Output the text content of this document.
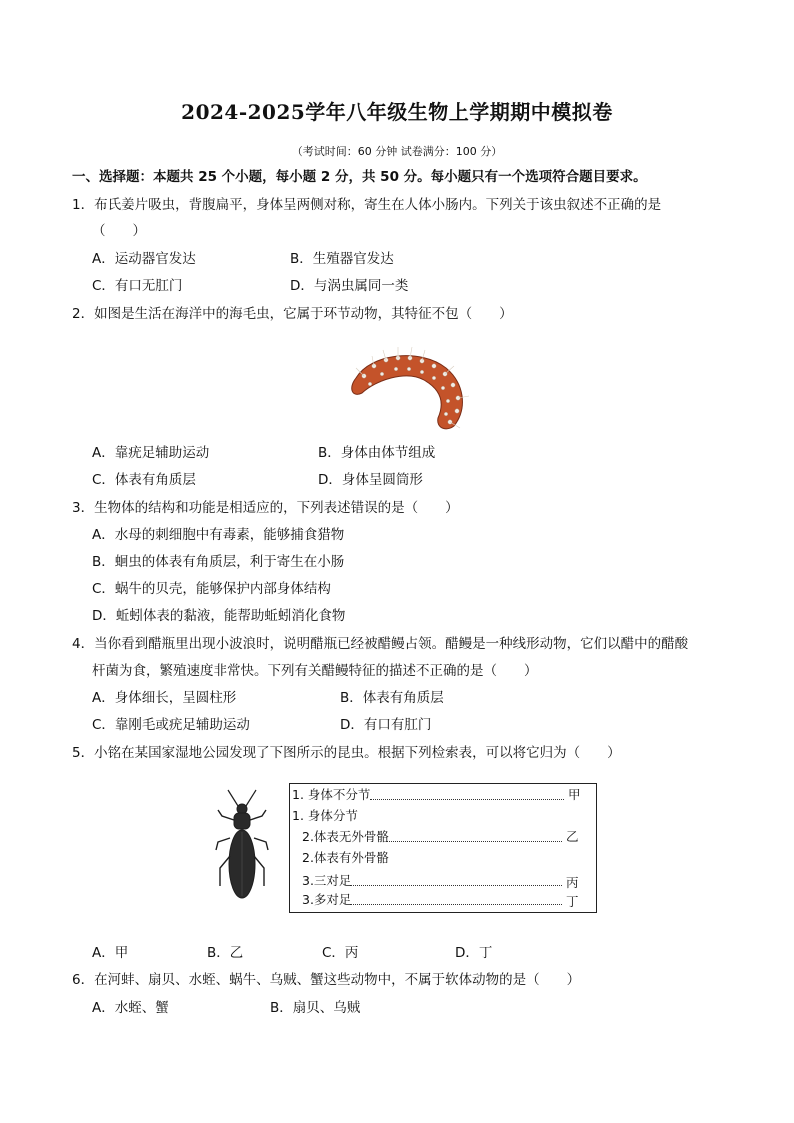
2024-2025学年八年级生物上学期期中模拟卷
（考试时间：60 分钟 试卷满分：100 分）
一、选择题：本题共 25 个小题，每小题 2 分，共 50 分。每小题只有一个选项符合题目要求。
1．布氏姜片吸虫，背腹扁平，身体呈两侧对称，寄生在人体小肠内。下列关于该虫叙述不正确的是
（　　）
A．运动器官发达	B．生殖器官发达
C．有口无肛门	D．与涡虫属同一类
2．如图是生活在海洋中的海毛虫，它属于环节动物，其特征不包（　　）
A．靠疣足辅助运动	B．身体由体节组成
C．体表有角质层	D．身体呈圆筒形
3．生物体的结构和功能是相适应的，下列表述错误的是（　　）
A．水母的刺细胞中有毒素，能够捕食猎物
B．蛔虫的体表有角质层，利于寄生在小肠
C．蜗牛的贝壳，能够保护内部身体结构
D．蚯蚓体表的黏液，能帮助蚯蚓消化食物
4．当你看到醋瓶里出现小波浪时，说明醋瓶已经被醋鳗占领。醋鳗是一种线形动物，它们以醋中的醋酸
杆菌为食，繁殖速度非常快。下列有关醋鳗特征的描述不正确的是（　　）
A．身体细长，呈圆柱形	B．体表有角质层
C．靠刚毛或疣足辅助运动	D．有口有肛门
5．小铭在某国家湿地公园发现了下图所示的昆虫。根据下列检索表，可以将它归为（　　）
1. 身体不分节	甲
1. 身体分节
2.体表无外骨骼	乙
2.体表有外骨骼
3.三对足	丙
3.多对足	丁
A．甲	B．乙	C．丙	D．丁
6．在河蚌、扇贝、水蛭、蜗牛、乌贼、蟹这些动物中，不属于软体动物的是（　　）
A．水蛭、蟹	B．扇贝、乌贼
